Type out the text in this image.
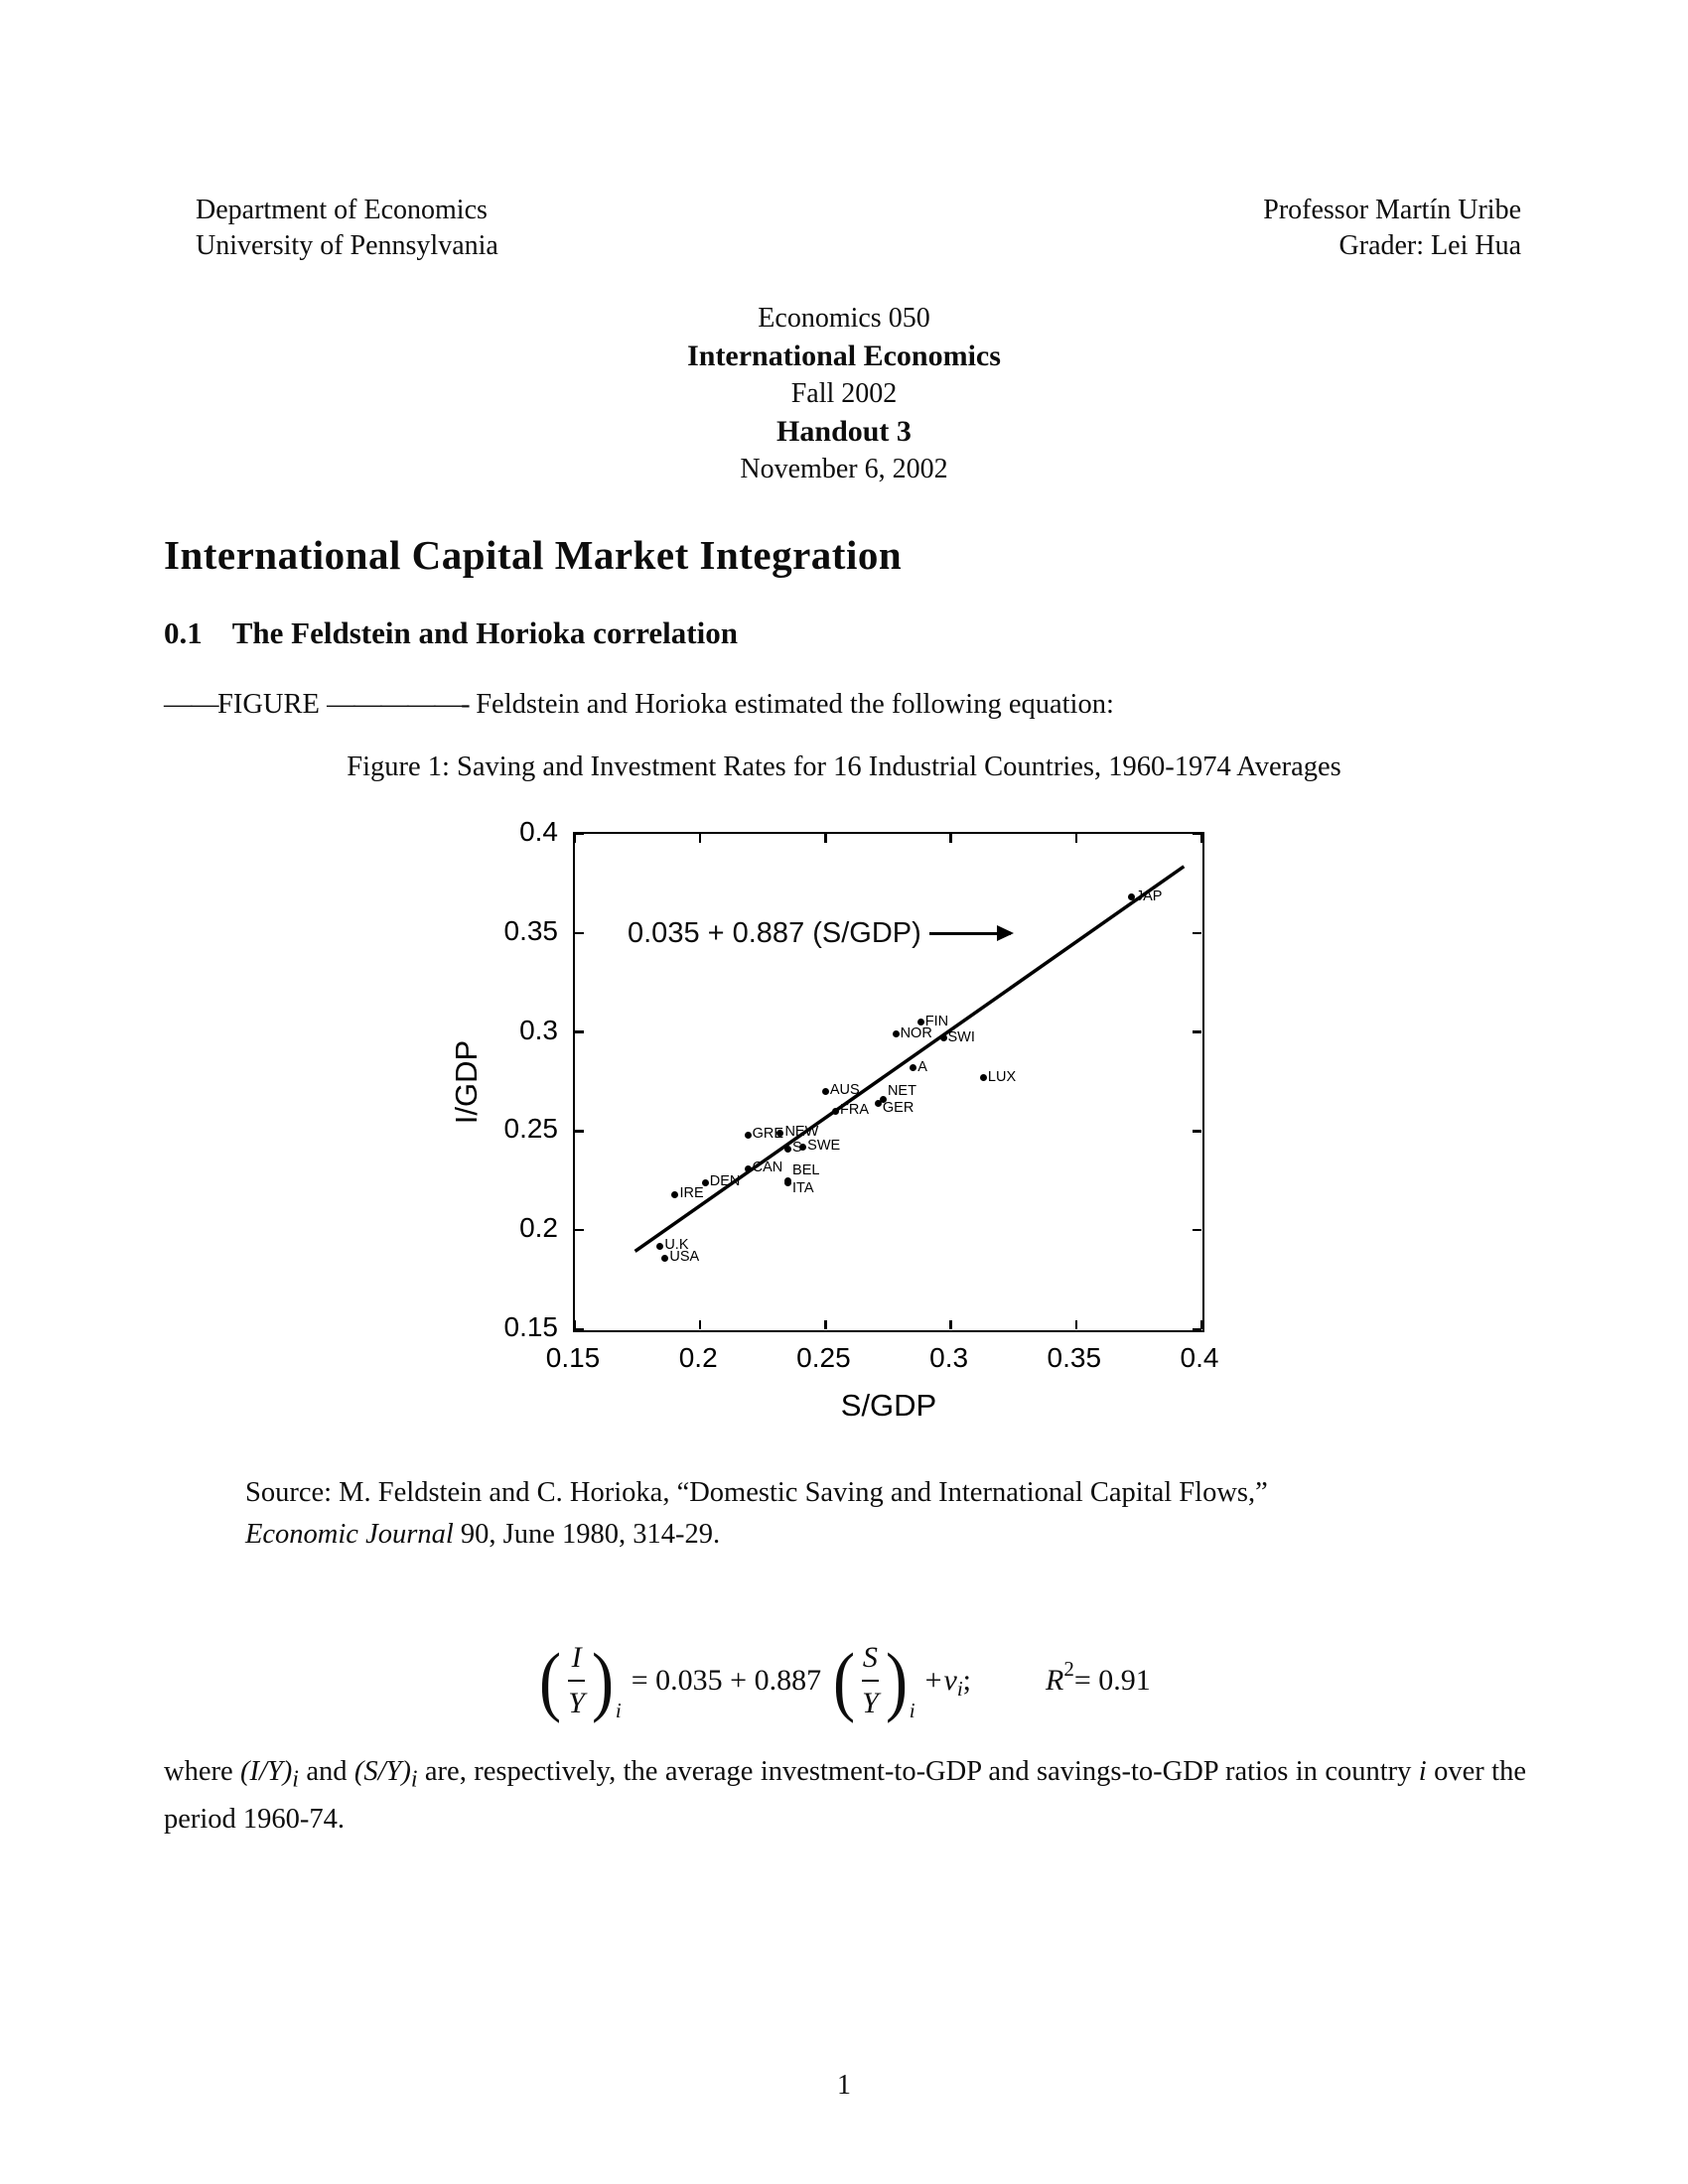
Department of Economics
University of Pennsylvania
Professor Martín Uribe
Grader: Lei Hua
Economics 050
International Economics
Fall 2002
Handout 3
November 6, 2002
International Capital Market Integration
0.1 The Feldstein and Horioka correlation
——FIGURE —————- Feldstein and Horioka estimated the following equation:
Figure 1: Saving and Investment Rates for 16 Industrial Countries, 1960-1974 Averages
JAP
FIN
NOR SWI
A
LUX
AUS NET
GER
FRA
NEW
GRE
SWE
S
CAN BEL
ITA
DEN
IRE
U.K
USA
0.035 + 0.887 (S/GDP)
0.15	0.2	0.25	0.3	0.35	0.4
0.15
0.2
0.25
0.3
0.35
0.4
S/GDP
I/GDP
Source: M. Feldstein and C. Horioka, “Domestic Saving and International Capital Flows,” Economic Journal 90, June 1980, 314-29.
( $\frac{I}{Y}$ ) i
= 0.035 + 0.887 ( $\frac{S}{Y}$ ) i
+ ν i ;	R 2 = 0.91
where $(I/Y)_i$ and $(S/Y)_i$ are, respectively, the average investment-to-GDP and savings-to-GDP ratios in country i over the period 1960-74.
1
